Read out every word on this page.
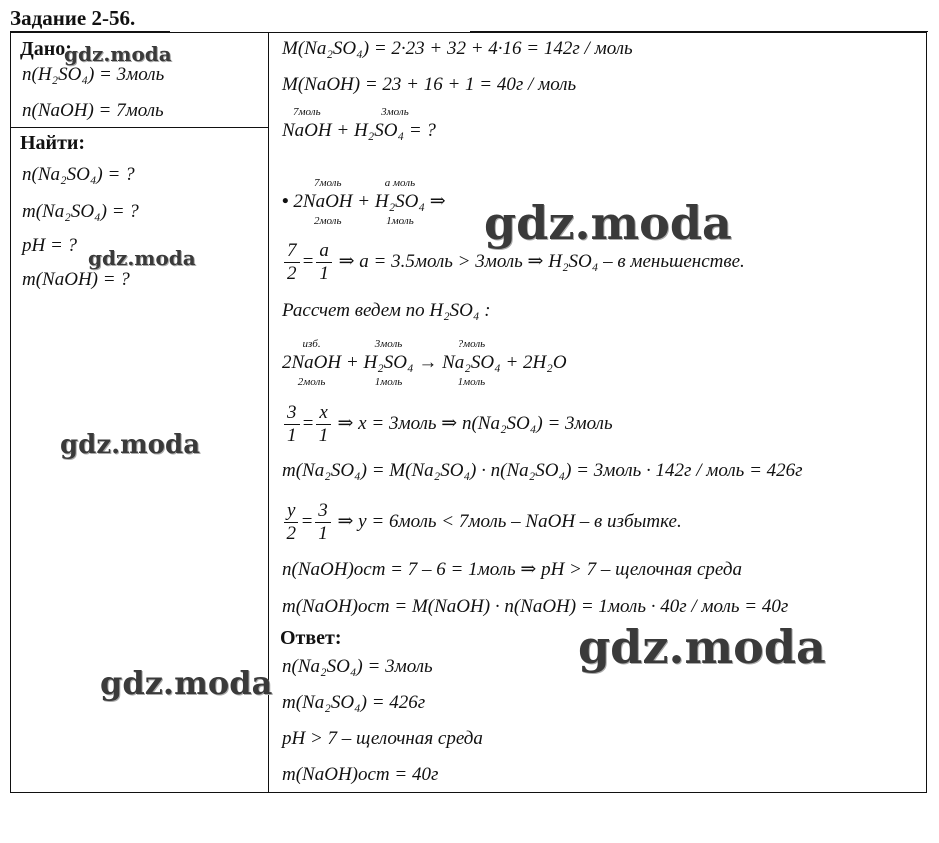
Задание 2-56.
Дано:
n(H₂SO₄) = 3моль
n(NaOH) = 7моль
Найти:
n(Na₂SO₄) = ?
m(Na₂SO₄) = ?
pH = ?
m(NaOH) = ?
M(Na₂SO₄) = 2·23 + 32 + 4·16 = 142г / моль
M(NaOH) = 23 + 16 + 1 = 40г / моль
7моль
NaOH +
3моль
H₂SO₄ = ?
• 2
7моль
NaOH
2моль
+
a моль
H₂SO₄
1моль
⇒
$\frac{7}{2} = \frac{a}{1}$ ⇒ a = 3.5моль > 3моль ⇒ H₂SO₄ – в меньшенстве.
Рассчет ведем по H₂SO₄ :
изб.
2NaOH
2моль
+
3моль
H₂SO₄
1моль
→
?моль
Na₂SO₄
1моль
+ 2H₂O
$\frac{3}{1} = \frac{x}{1}$ ⇒ x = 3моль ⇒ n(Na₂SO₄) = 3моль
m(Na₂SO₄) = M(Na₂SO₄) · n(Na₂SO₄) = 3моль · 142г / моль = 426г
$\frac{y}{2} = \frac{3}{1}$ ⇒ y = 6моль < 7моль – NaOH – в избытке.
n(NaOH)ост = 7 – 6 = 1моль ⇒ pH > 7 – щелочная среда
m(NaOH)ост = M(NaOH) · n(NaOH) = 1моль · 40г / моль = 40г
Ответ:
n(Na₂SO₄) = 3моль
m(Na₂SO₄) = 426г
pH > 7 – щелочная среда
m(NaOH)ост = 40г
gdz.moda
gdz.moda
gdz.moda
gdz.moda
gdz.moda
gdz.moda
